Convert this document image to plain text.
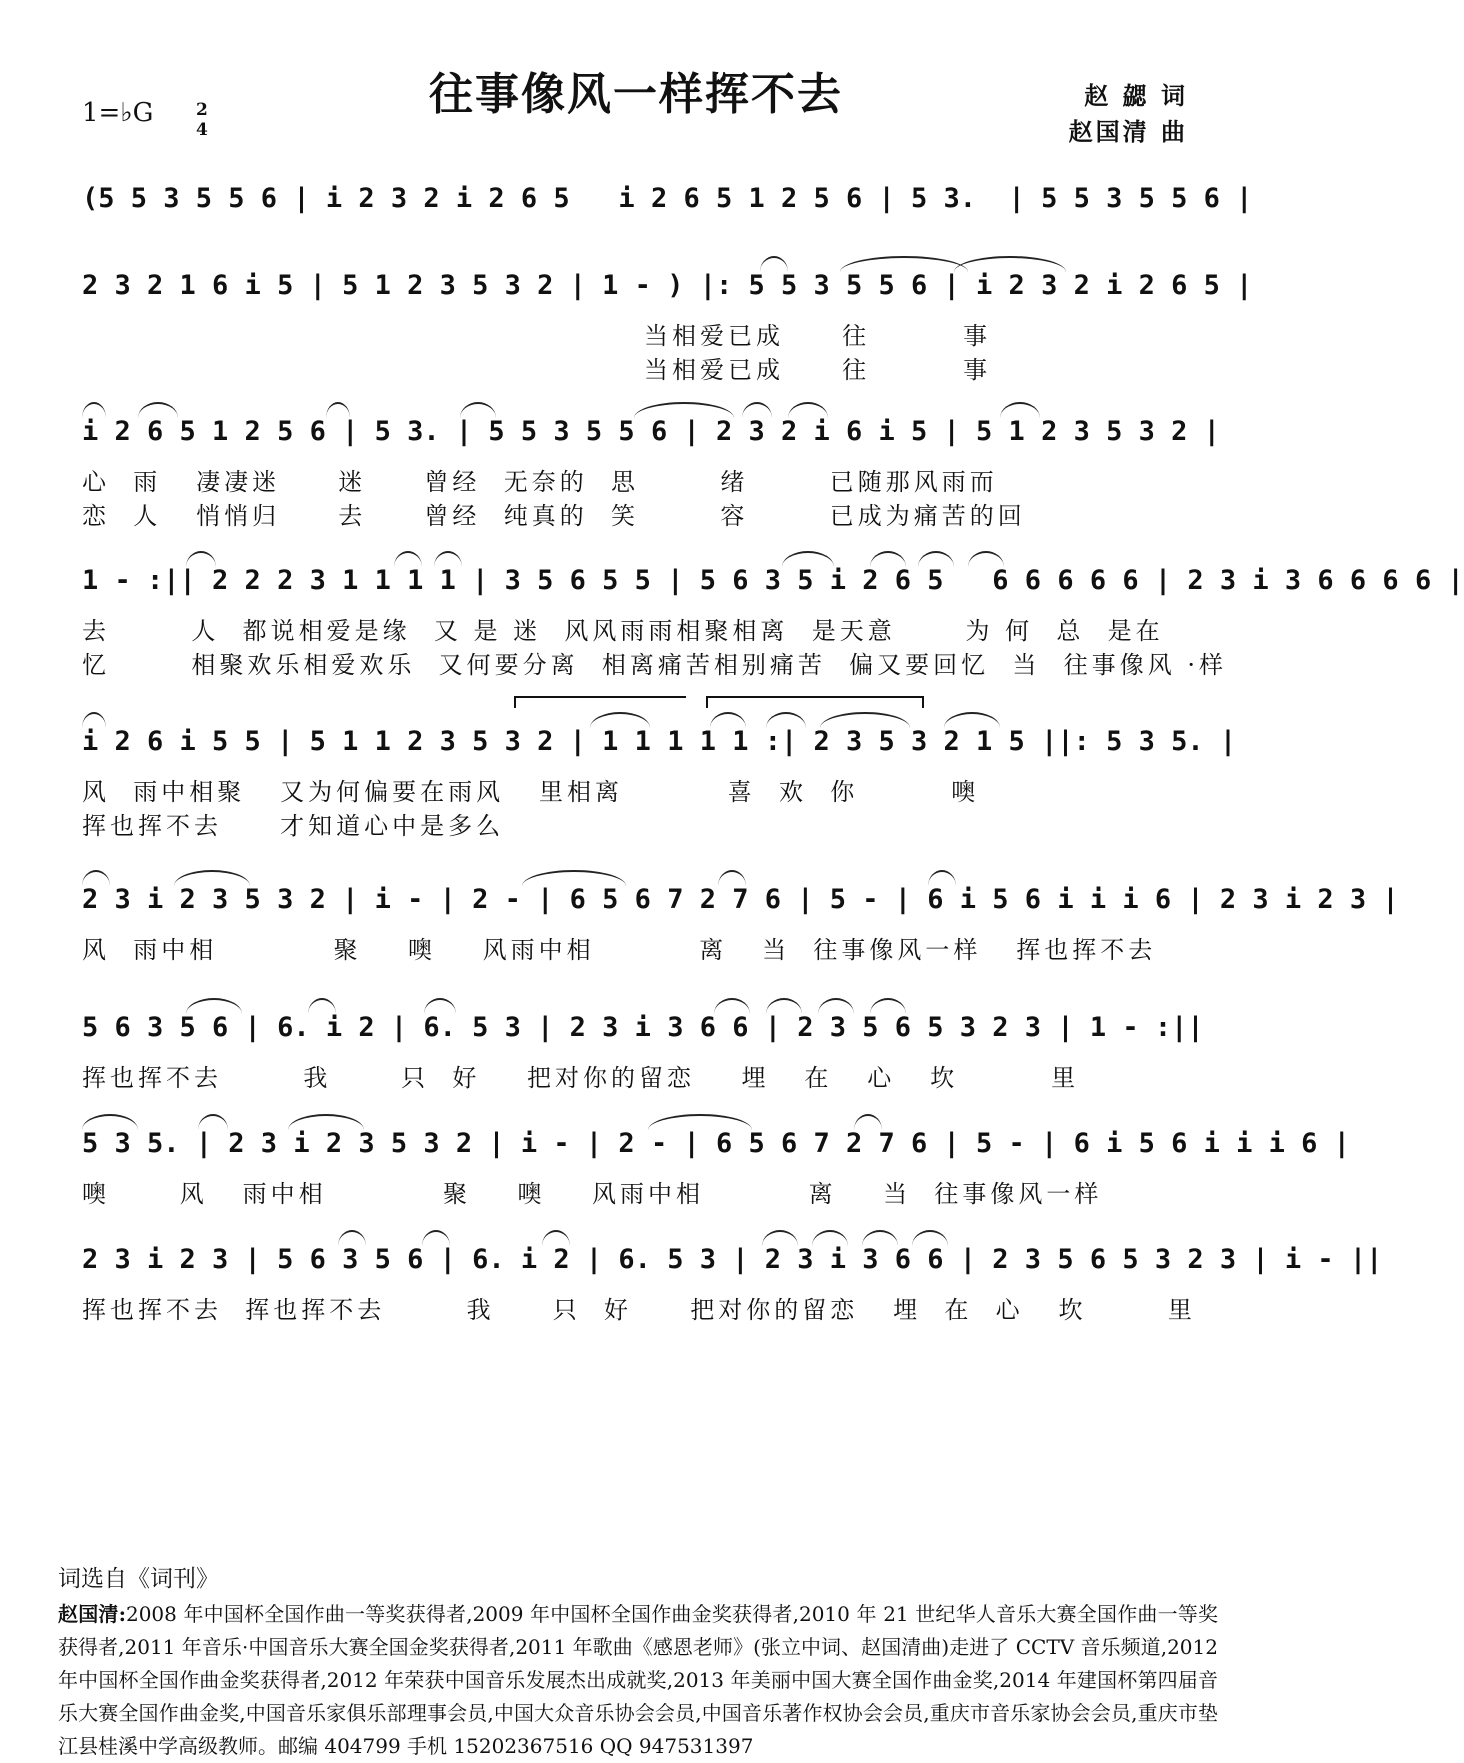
往事像风一样挥不去
1=♭G	2
4
赵 勰 词
赵国清 曲
(5 5 3 5 5 6 | i 2 3 2 i 2 6 5   i 2 6 5 1 2 5 6 | 5 3.  | 5 5 3 5 5 6 |
2 3 2 1 6 i 5 | 5 1 2 3 5 3 2 | 1 - ) |: 5 5 3 5 5 6 | i 2 3 2 i 2 6 5 |
当相爱已成     往        事
当相爱已成     往        事
i 2 6 5 1 2 5 6 | 5 3. | 5 5 3 5 5 6 | 2 3 2 i 6 i 5 | 5 1 2 3 5 3 2 |
心  雨   凄凄迷     迷     曾经  无奈的  思       绪       已随那风雨而
恋  人   悄悄归     去     曾经  纯真的  笑       容       已成为痛苦的回
1 - :|| 2 2 2 3 1 1 1 1 | 3 5 6 5 5 | 5 6 3 5 i 2 6 5   6 6 6 6 6 | 2 3 i 3 6 6 6 6 |
去       人  都说相爱是缘  又 是 迷  风风雨雨相聚相离  是天意      为 何  总  是在
忆       相聚欢乐相爱欢乐  又何要分离  相离痛苦相别痛苦  偏又要回忆  当  往事像风 ·样
i 2 6 i 5 5 | 5 1 1 2 3 5 3 2 | 1 1 1 1 1 :| 2 3 5 3 2 1 5 ||: 5 3 5. |
风  雨中相聚   又为何偏要在雨风   里相离         喜  欢  你        噢
挥也挥不去     才知道心中是多么
2 3 i 2 3 5 3 2 | i - | 2 - | 6 5 6 7 2 7 6 | 5 - | 6 i 5 6 i i i 6 | 2 3 i 2 3 |
风  雨中相          聚    噢    风雨中相         离   当  往事像风一样   挥也挥不去
5 6 3 5 6 | 6. i 2 | 6. 5 3 | 2 3 i 3 6 6 | 2 3 5 6 5 3 2 3 | 1 - :||
挥也挥不去       我      只  好    把对你的留恋    埋   在   心   坎        里
5 3 5. | 2 3 i 2 3 5 3 2 | i - | 2 - | 6 5 6 7 2 7 6 | 5 - | 6 i 5 6 i i i 6 |
噢      风   雨中相          聚    噢    风雨中相         离    当  往事像风一样
2 3 i 2 3 | 5 6 3 5 6 | 6. i 2 | 6. 5 3 | 2 3 i 3 6 6 | 2 3 5 6 5 3 2 3 | i - ||
挥也挥不去  挥也挥不去       我     只  好     把对你的留恋   埋  在  心   坎       里
词选自《词刊》
赵国清:2008 年中国杯全国作曲一等奖获得者,2009 年中国杯全国作曲金奖获得者,2010 年 21 世纪华人音乐大赛全国作曲一等奖获得者,2011 年音乐·中国音乐大赛全国金奖获得者,2011 年歌曲《感恩老师》(张立中词、赵国清曲)走进了 CCTV 音乐频道,2012 年中国杯全国作曲金奖获得者,2012 年荣获中国音乐发展杰出成就奖,2013 年美丽中国大赛全国作曲金奖,2014 年建国杯第四届音乐大赛全国作曲金奖,中国音乐家俱乐部理事会员,中国大众音乐协会会员,中国音乐著作权协会会员,重庆市音乐家协会会员,重庆市垫江县桂溪中学高级教师。邮编 404799 手机 15202367516 QQ 947531397
